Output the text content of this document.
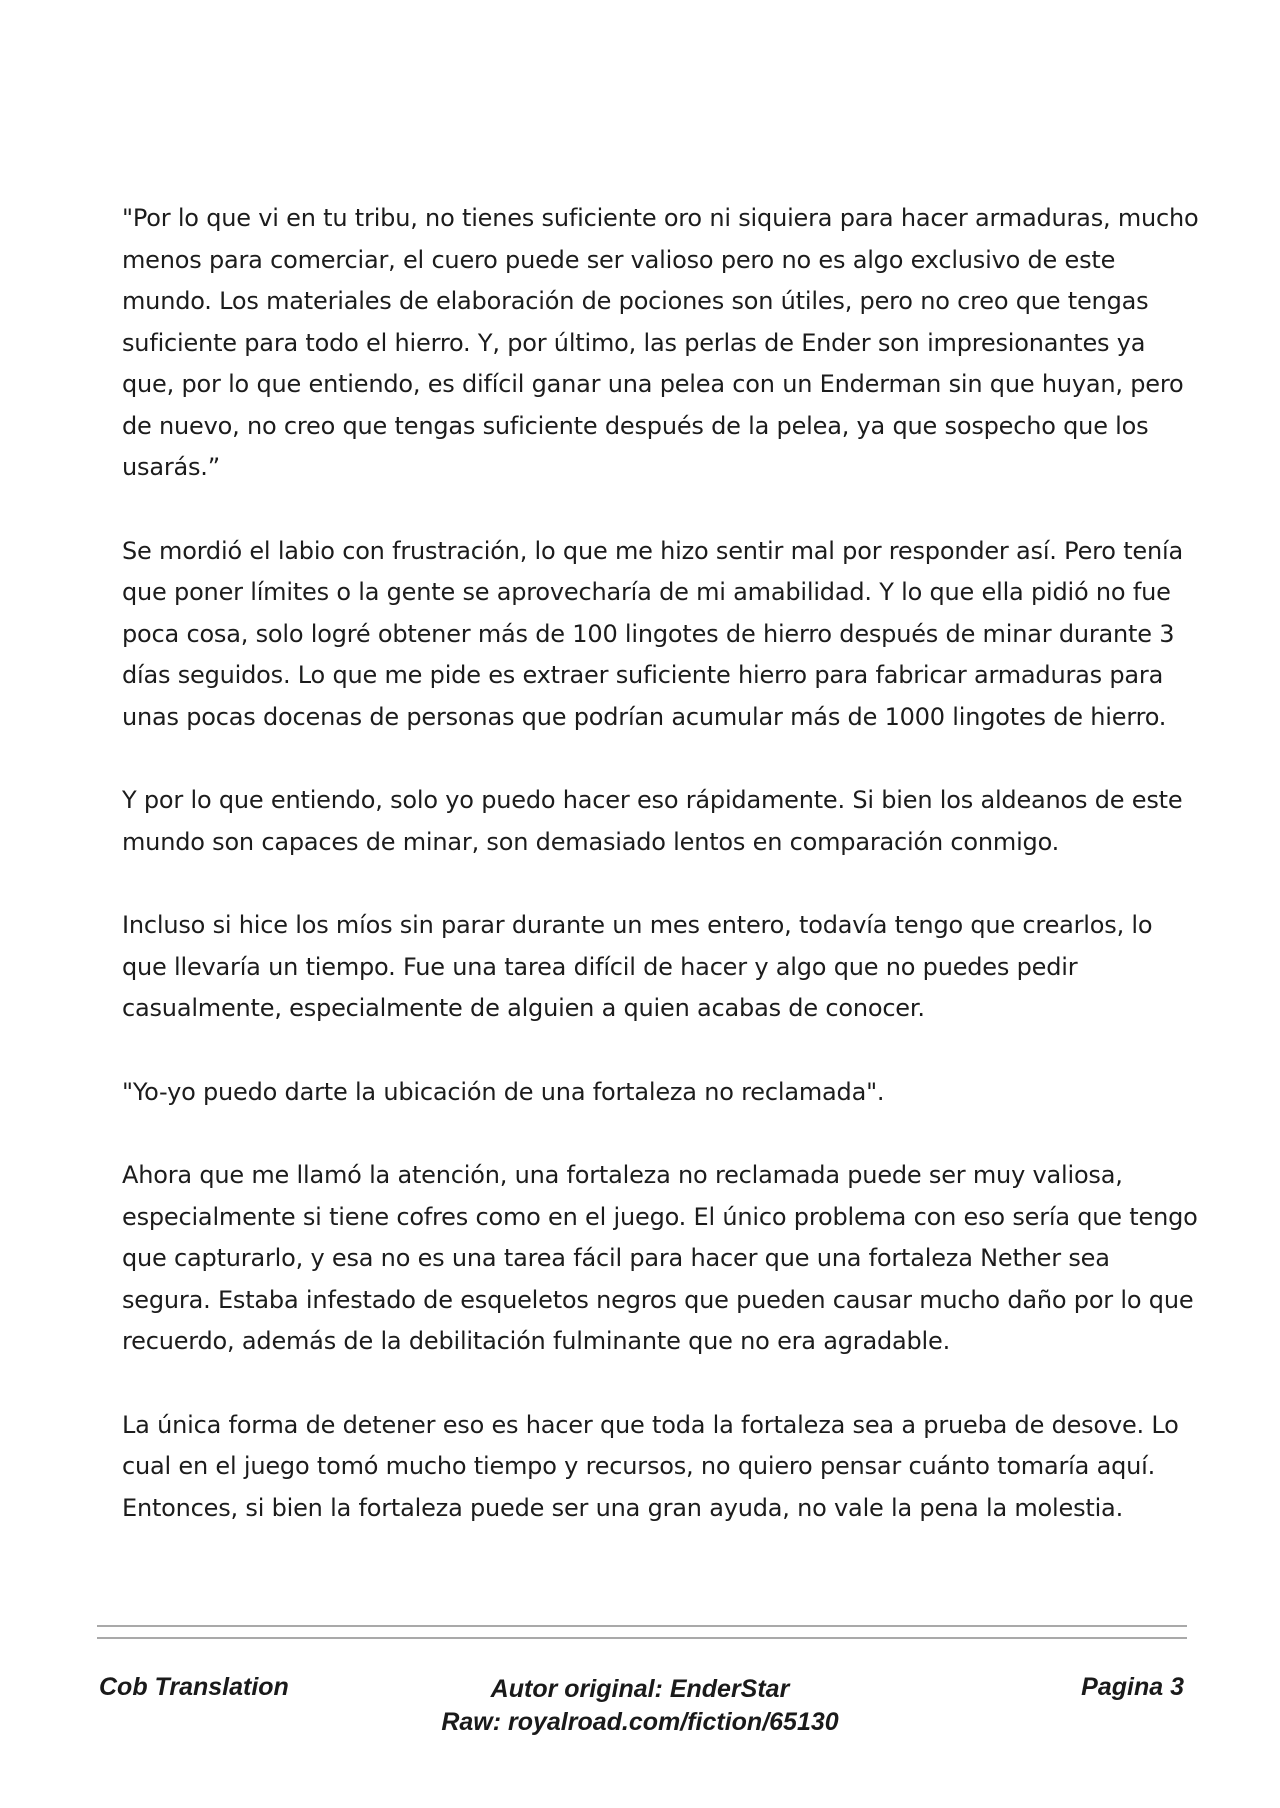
"Por lo que vi en tu tribu, no tienes suficiente oro ni siquiera para hacer armaduras, mucho menos para comerciar, el cuero puede ser valioso pero no es algo exclusivo de este mundo. Los materiales de elaboración de pociones son útiles, pero no creo que tengas suficiente para todo el hierro. Y, por último, las perlas de Ender son impresionantes ya que, por lo que entiendo, es difícil ganar una pelea con un Enderman sin que huyan, pero de nuevo, no creo que tengas suficiente después de la pelea, ya que sospecho que los usarás.”

Se mordió el labio con frustración, lo que me hizo sentir mal por responder así. Pero tenía que poner límites o la gente se aprovecharía de mi amabilidad. Y lo que ella pidió no fue poca cosa, solo logré obtener más de 100 lingotes de hierro después de minar durante 3 días seguidos. Lo que me pide es extraer suficiente hierro para fabricar armaduras para unas pocas docenas de personas que podrían acumular más de 1000 lingotes de hierro.

Y por lo que entiendo, solo yo puedo hacer eso rápidamente. Si bien los aldeanos de este mundo son capaces de minar, son demasiado lentos en comparación conmigo.

Incluso si hice los míos sin parar durante un mes entero, todavía tengo que crearlos, lo que llevaría un tiempo. Fue una tarea difícil de hacer y algo que no puedes pedir casualmente, especialmente de alguien a quien acabas de conocer.

"Yo-yo puedo darte la ubicación de una fortaleza no reclamada".

Ahora que me llamó la atención, una fortaleza no reclamada puede ser muy valiosa, especialmente si tiene cofres como en el juego. El único problema con eso sería que tengo que capturarlo, y esa no es una tarea fácil para hacer que una fortaleza Nether sea segura. Estaba infestado de esqueletos negros que pueden causar mucho daño por lo que recuerdo, además de la debilitación fulminante que no era agradable.

La única forma de detener eso es hacer que toda la fortaleza sea a prueba de desove. Lo cual en el juego tomó mucho tiempo y recursos, no quiero pensar cuánto tomaría aquí. Entonces, si bien la fortaleza puede ser una gran ayuda, no vale la pena la molestia.

Cob Translation	Autor original: EnderStar
Raw: royalroad.com/fiction/65130
Pagina 3
